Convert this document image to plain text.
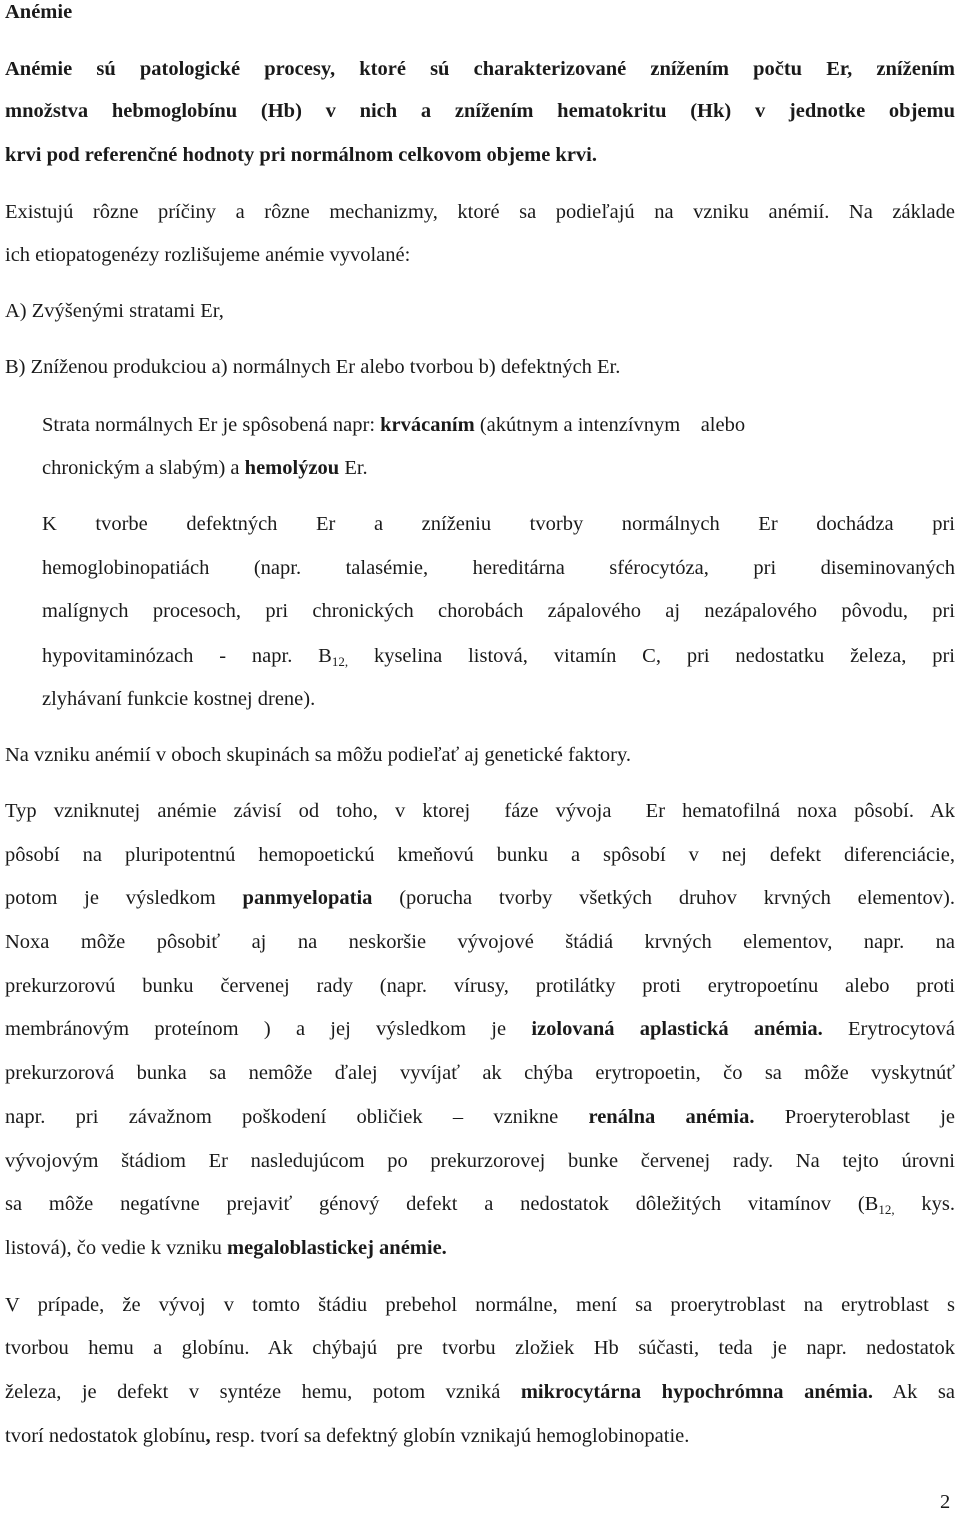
Anémie
Anémie sú patologické procesy, ktoré sú charakterizované znížením počtu Er, znížením
množstva hebmoglobínu (Hb) v nich a znížením hematokritu (Hk) v jednotke objemu
krvi pod referenčné hodnoty pri normálnom celkovom objeme krvi.
Existujú rôzne príčiny a rôzne mechanizmy, ktoré sa podieľajú na vzniku anémií. Na základe
ich etiopatogenézy rozlišujeme anémie vyvolané:
A) Zvýšenými stratami Er,
B) Zníženou produkciou a) normálnych Er alebo tvorbou b) defektných Er.
Strata normálnych Er je spôsobená napr: krvácaním (akútnym a intenzívnym    alebo
chronickým a slabým) a hemolýzou Er.
K tvorbe defektných Er a zníženiu tvorby normálnych Er dochádza pri
hemoglobinopatiách (napr. talasémie, hereditárna sférocytóza, pri diseminovaných
malígnych procesoch, pri chronických chorobách zápalového aj nezápalového pôvodu, pri
hypovitaminózach - napr. $B_{12,}$ kyselina listová, vitamín C, pri nedostatku železa, pri
zlyhávaní funkcie kostnej drene).
Na vzniku anémií v oboch skupinách sa môžu podieľať aj genetické faktory.
Typ vzniknutej anémie závisí od toho, v ktorej  fáze vývoja  Er hematofilná noxa pôsobí. Ak
pôsobí na pluripotentnú hemopoetickú kmeňovú bunku a spôsobí v nej defekt diferenciácie,
potom je výsledkom panmyelopatia (porucha tvorby všetkých druhov krvných elementov).
Noxa môže pôsobiť aj na neskoršie vývojové štádiá krvných elementov, napr. na
prekurzorovú bunku červenej rady (napr. vírusy, protilátky proti erytropoetínu alebo proti
membránovým proteínom ) a jej výsledkom je izolovaná aplastická anémia. Erytrocytová
prekurzorová bunka sa nemôže ďalej vyvíjať ak chýba erytropoetin, čo sa môže vyskytnúť
napr. pri závažnom poškodení obličiek – vznikne renálna anémia. Proeryteroblast je
vývojovým štádiom Er nasledujúcom po prekurzorovej bunke červenej rady. Na tejto úrovni
sa môže negatívne prejaviť génový defekt a nedostatok dôležitých vitamínov ($B_{12,}$ kys.
listová), čo vedie k vzniku megaloblastickej anémie.
V prípade, že vývoj v tomto štádiu prebehol normálne, mení sa proerytroblast na erytroblast s
tvorbou hemu a globínu. Ak chýbajú pre tvorbu zložiek Hb súčasti, teda je napr. nedostatok
železa, je defekt v syntéze hemu, potom vzniká mikrocytárna hypochrómna anémia. Ak sa
tvorí nedostatok globínu, resp. tvorí sa defektný globín vznikajú hemoglobinopatie.
2
